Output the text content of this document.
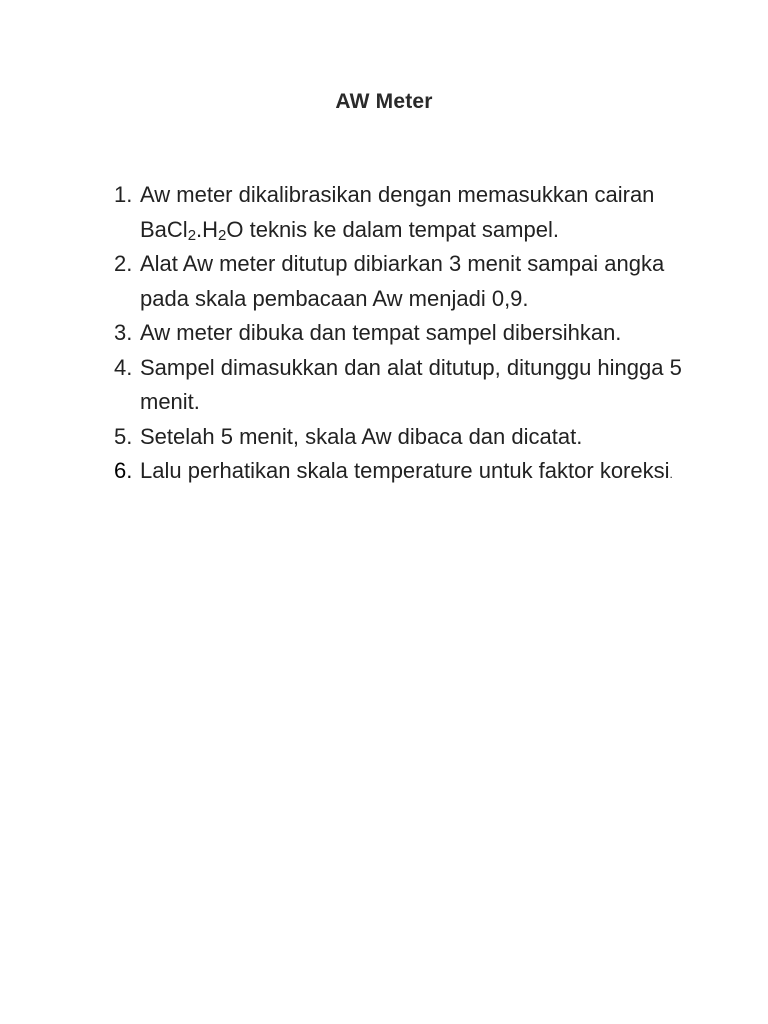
AW Meter
1. Aw meter dikalibrasikan dengan memasukkan cairan $BaCl_2.H_2O$ teknis ke dalam tempat sampel.
2. Alat Aw meter ditutup dibiarkan 3 menit sampai angka pada skala pembacaan Aw menjadi 0,9.
3. Aw meter dibuka dan tempat sampel dibersihkan.
4. Sampel dimasukkan dan alat ditutup, ditunggu hingga 5 menit.
5. Setelah 5 menit, skala Aw dibaca dan dicatat.
6. Lalu perhatikan skala temperature untuk faktor koreksi.
